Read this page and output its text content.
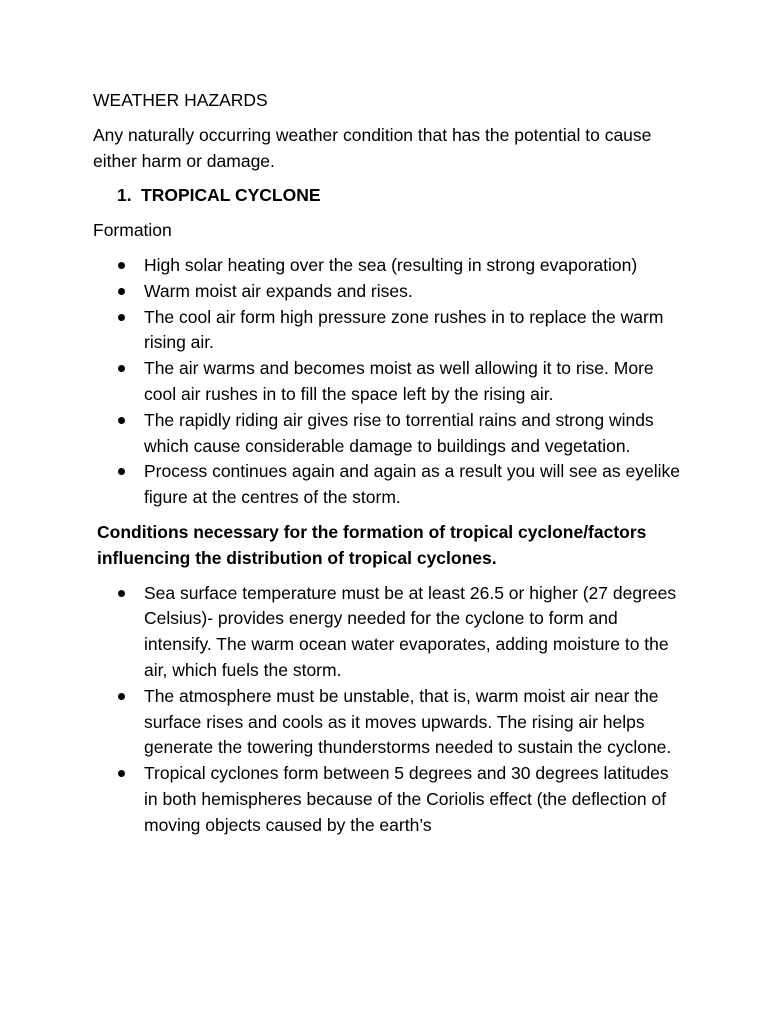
WEATHER HAZARDS

Any naturally occurring weather condition that has the potential to cause either harm or damage.

1. TROPICAL CYCLONE

Formation

High solar heating over the sea (resulting in strong evaporation)
Warm moist air expands and rises.
The cool air form high pressure zone rushes in to replace the warm rising air.
The air warms and becomes moist as well allowing it to rise. More cool air rushes in to fill the space left by the rising air.
The rapidly riding air gives rise to torrential rains and strong winds which cause considerable damage to buildings and vegetation.
Process continues again and again as a result you will see as eyelike figure at the centres of the storm.

Conditions necessary for the formation of tropical cyclone/factors influencing the distribution of tropical cyclones.

Sea surface temperature must be at least 26.5 or higher (27 degrees Celsius)- provides energy needed for the cyclone to form and intensify. The warm ocean water evaporates, adding moisture to the air, which fuels the storm.
The atmosphere must be unstable, that is, warm moist air near the surface rises and cools as it moves upwards. The rising air helps generate the towering thunderstorms needed to sustain the cyclone.
Tropical cyclones form between 5 degrees and 30 degrees latitudes in both hemispheres because of the Coriolis effect (the deflection of moving objects caused by the earth’s
